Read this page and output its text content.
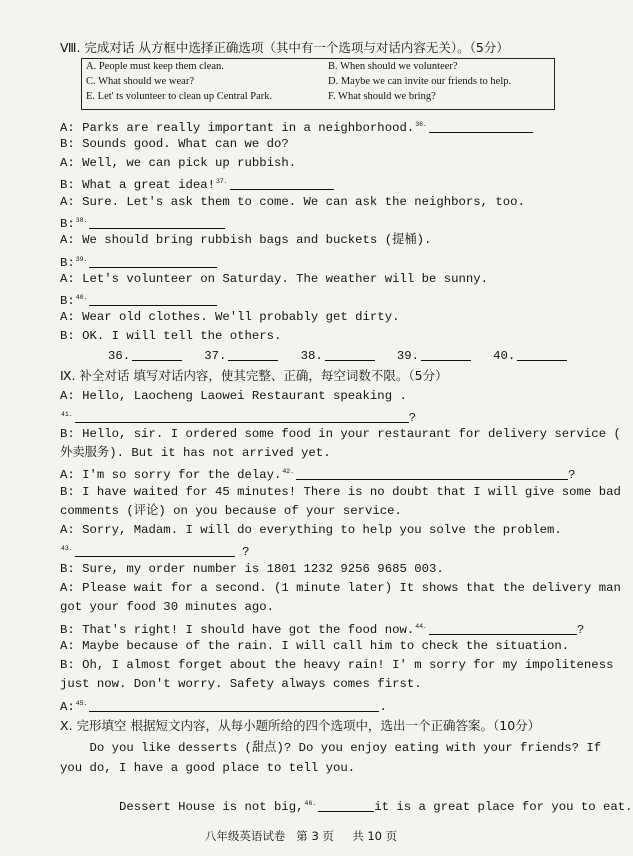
Ⅷ. 完成对话 从方框中选择正确选项（其中有一个选项与对话内容无关）。（5分）
A. People must keep them clean.	B. When should we volunteer?
C. What should we wear?	D. Maybe we can invite our friends to help.
E. Let' ts volunteer to clean up Central Park.	F. What should we bring?
A: Parks are really important in a neighborhood.$^{36.}$
B: Sounds good. What can we do?
A: Well, we can pick up rubbish.
B: What a great idea!$^{37.}$
A: Sure. Let's ask them to come. We can ask the neighbors, too.
B:$^{38.}$
A: We should bring rubbish bags and buckets (提桶).
B:$^{39.}$
A: Let's volunteer on Saturday. The weather will be sunny.
B:$^{40.}$
A: Wear old clothes. We'll probably get dirty.
B: OK. I will tell the others.
36.	37.	38.	39.	40.
Ⅸ. 补全对话 填写对话内容，使其完整、正确，每空词数不限。（5分）
A: Hello, Laocheng Laowei Restaurant speaking .
$^{41.}$	?
B: Hello, sir. I ordered some food in your restaurant for delivery service (
外卖服务). But it has not arrived yet.
A: I'm so sorry for the delay.$^{42.}$	?
B: I have waited for 45 minutes! There is no doubt that I will give some bad
comments (评论) on you because of your service.
A: Sorry, Madam. I will do everything to help you solve the problem.
$^{43.}$	?
B: Sure, my order number is 1801 1232 9256 9685 003.
A: Please wait for a second. (1 minute later) It shows that the delivery man
got your food 30 minutes ago.
B: That's right! I should have got the food now.$^{44.}$	?
A: Maybe because of the rain. I will call him to check the situation.
B: Oh, I almost forget about the heavy rain! I' m sorry for my impoliteness
just now. Don't worry. Safety always comes first.
A:$^{45.}$	.
Ⅹ. 完形填空 根据短文内容，从每小题所给的四个选项中，选出一个正确答案。（10分）
Do you like desserts (甜点)? Do you enjoy eating with your friends? If
you do, I have a good place to tell you.

Dessert House is not big,$^{46.}$	it is a great place for you to eat.

八年级英语试卷   第 3 页     共 10 页
